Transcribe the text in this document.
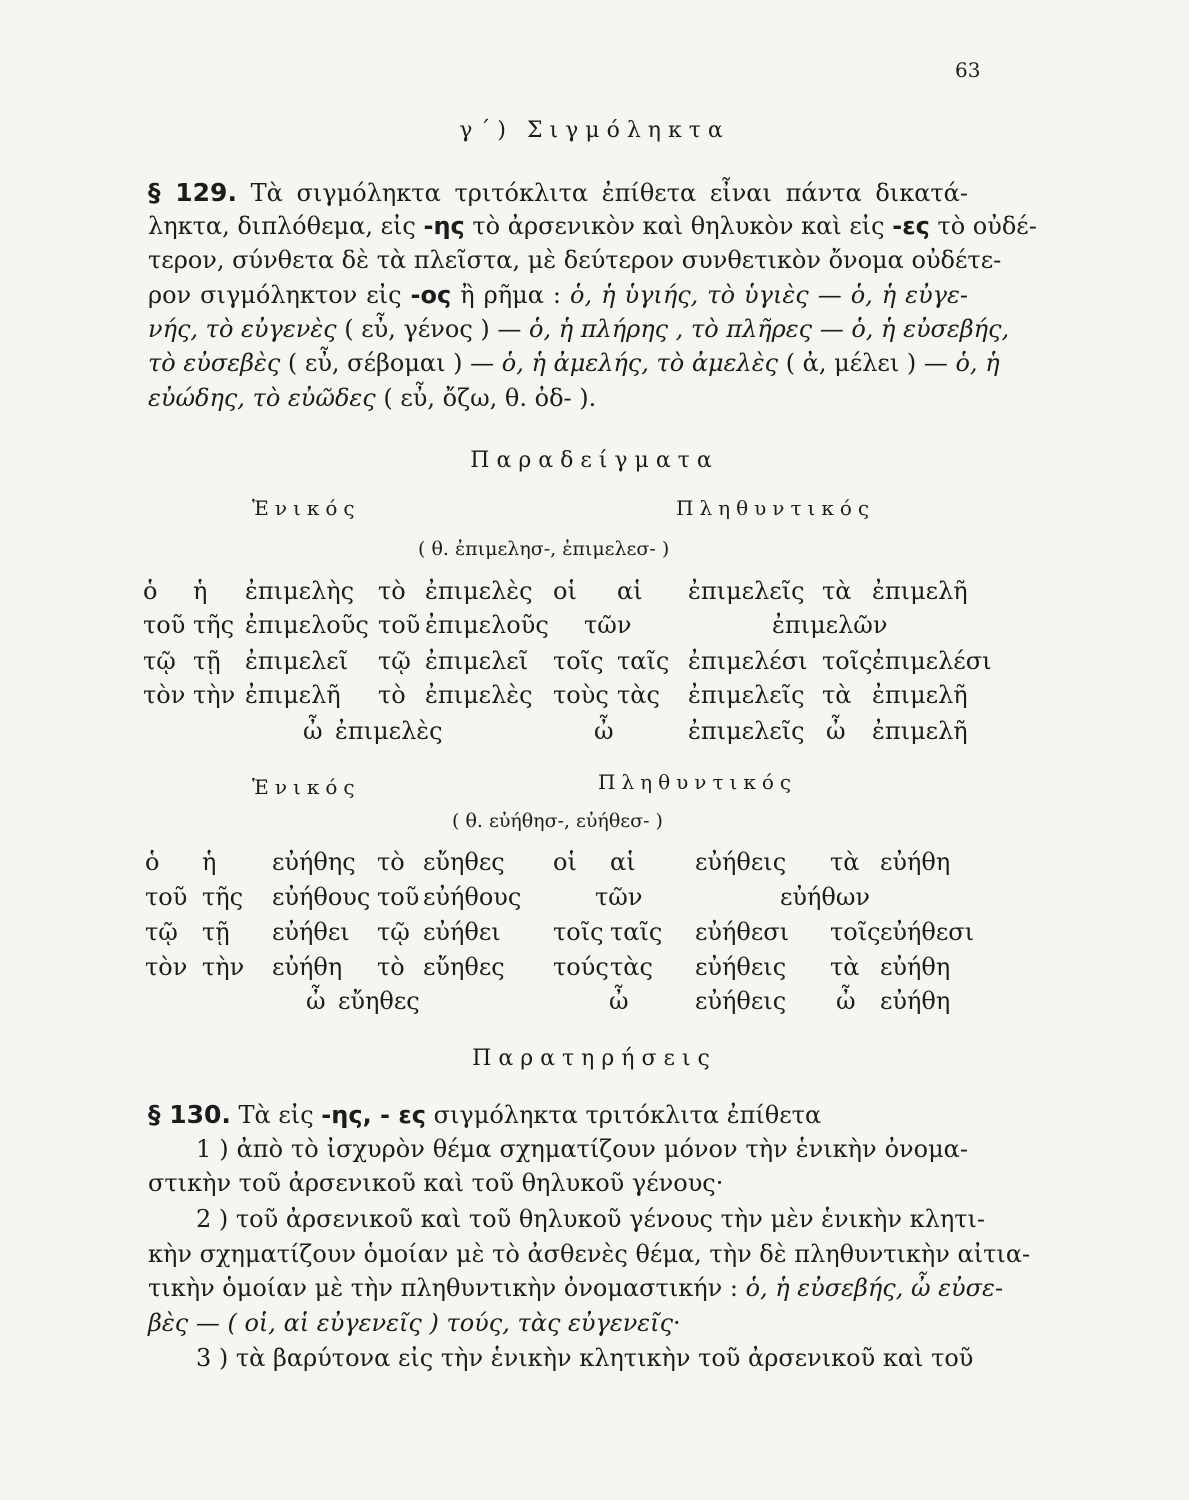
63
γ΄) Σιγμόληκτα
§ 129. Τὰ σιγμόληκτα τριτόκλιτα ἐπίθετα εἶναι πάντα δικατά-
ληκτα, διπλόθεμα, εἰς -ης τὸ ἀρσενικὸν καὶ θηλυκὸν καὶ εἰς -ες τὸ οὐδέ-
τερον, σύνθετα δὲ τὰ πλεῖστα, μὲ δεύτερον συνθετικὸν ὄνομα οὐδέτε-
ρον σιγμόληκτον εἰς -ος ἢ ρῆμα : ὁ, ἡ ὑγιής, τὸ ὑγιὲς — ὁ, ἡ εὐγε-
νής, τὸ εὐγενὲς ( εὖ, γένος ) — ὁ, ἡ πλήρης , τὸ πλῆρες — ὁ, ἡ εὐσεβής,
τὸ εὐσεβὲς ( εὖ, σέβομαι ) — ὁ, ἡ ἀμελής, τὸ ἀμελὲς ( ἀ, μέλει ) — ὁ, ἡ
εὐώδης, τὸ εὐῶδες ( εὖ, ὄζω, θ. ὀδ- ).
Παραδείγματα
Ἑνικός	Πληθυντικός
( θ. ἐπιμελησ-, ἐπιμελεσ- )
ὁ ἡ ἐπιμελὴς τὸ ἐπιμελὲς οἱ αἱ ἐπιμελεῖς τὰ ἐπιμελῆ
τοῦ τῆς ἐπιμελοῦς τοῦ ἐπιμελοῦς τῶν	ἐπιμελῶν
τῷ τῇ ἐπιμελεῖ τῷ ἐπιμελεῖ τοῖς ταῖς ἐπιμελέσι τοῖς ἐπιμελέσι
τὸν τὴν ἐπιμελῆ τὸ ἐπιμελὲς τοὺς τὰς ἐπιμελεῖς τὰ ἐπιμελῆ
ὦ ἐπιμελὲς	ὦ	ἐπιμελεῖς ὦ ἐπιμελῆ
Ἑνικός	Πληθυντικός
( θ. εὐήθησ-, εὐήθεσ- )
ὁ ἡ εὐήθης τὸ εὔηθες οἱ αἱ εὐήθεις τὰ εὐήθη
τοῦ τῆς εὐήθους τοῦ εὐήθους	τῶν	εὐήθων
τῷ τῇ εὐήθει τῷ εὐήθει τοῖς ταῖς εὐήθεσι τοῖς εὐήθεσι
τὸν τὴν εὐήθη τὸ εὔηθες τούς τὰς εὐήθεις τὰ εὐήθη
ὦ εὔηθες	ὦ	εὐήθεις ὦ εὐήθη
Παρατηρήσεις
§ 130. Τὰ εἰς -ης, - ες σιγμόληκτα τριτόκλιτα ἐπίθετα
1 ) ἀπὸ τὸ ἰσχυρὸν θέμα σχηματίζουν μόνον τὴν ἑνικὴν ὀνομα-
στικὴν τοῦ ἀρσενικοῦ καὶ τοῦ θηλυκοῦ γένους·
2 ) τοῦ ἀρσενικοῦ καὶ τοῦ θηλυκοῦ γένους τὴν μὲν ἑνικὴν κλητι-
κὴν σχηματίζουν ὁμοίαν μὲ τὸ ἀσθενὲς θέμα, τὴν δὲ πληθυντικὴν αἰτια-
τικὴν ὁμοίαν μὲ τὴν πληθυντικὴν ὀνομαστικήν : ὁ, ἡ εὐσεβής, ὦ εὐσε-
βὲς — ( οἱ, αἱ εὐγενεῖς ) τούς, τὰς εὐγενεῖς·
3 ) τὰ βαρύτονα εἰς τὴν ἑνικὴν κλητικὴν τοῦ ἀρσενικοῦ καὶ τοῦ
